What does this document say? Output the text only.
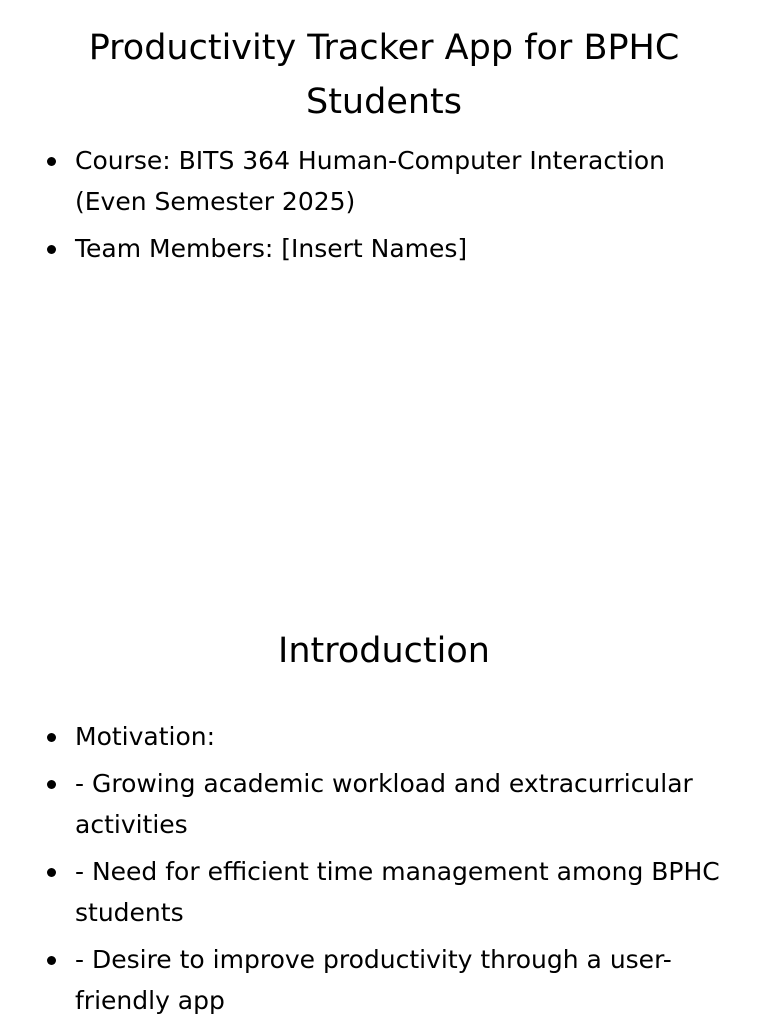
Productivity Tracker App for BPHC Students
Course: BITS 364 Human-Computer Interaction (Even Semester 2025)
Team Members: [Insert Names]
Introduction
Motivation:
- Growing academic workload and extracurricular activities
- Need for efficient time management among BPHC students
- Desire to improve productivity through a user-friendly app
